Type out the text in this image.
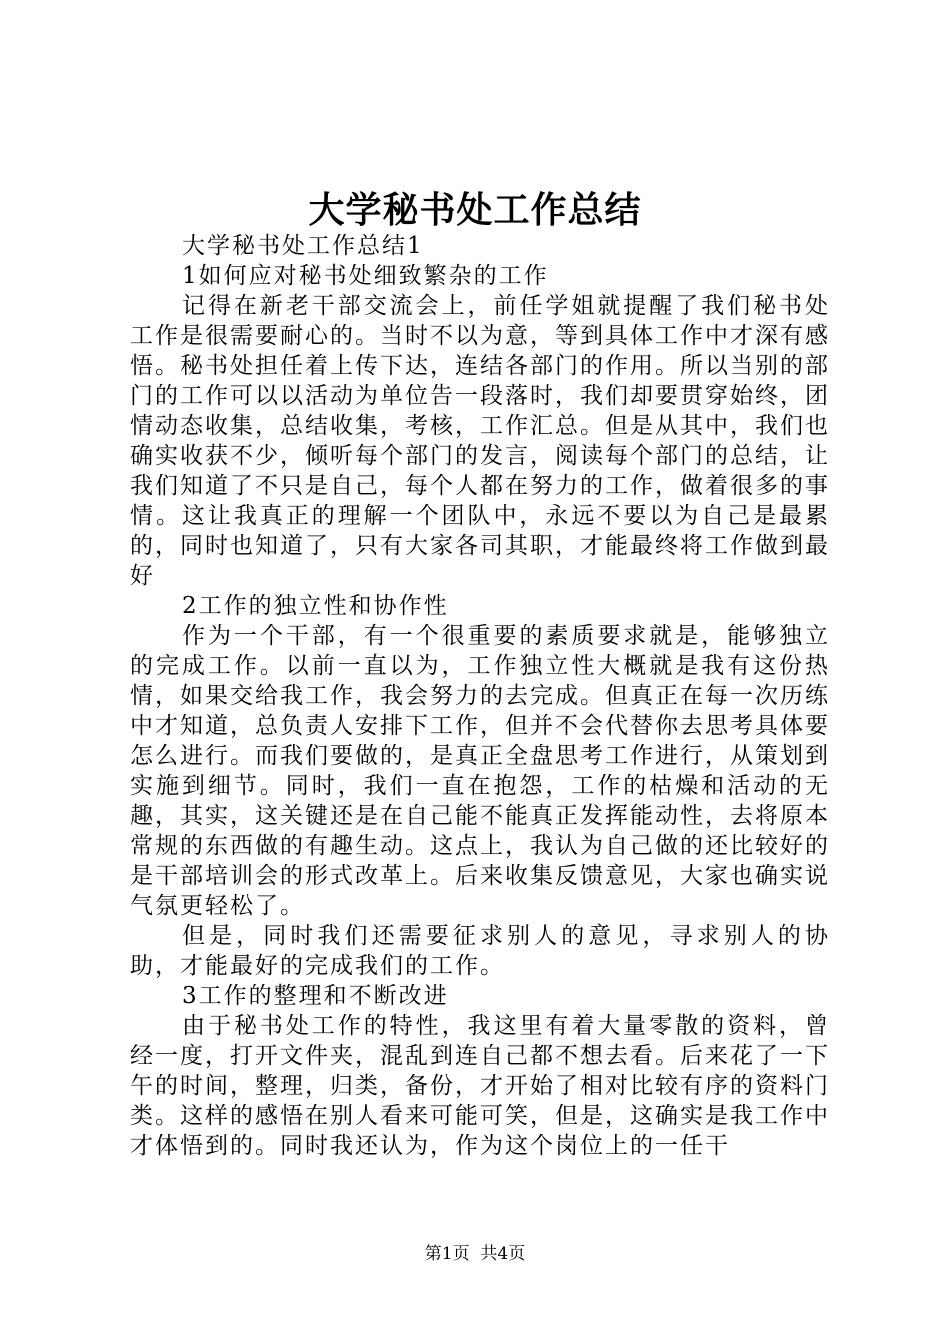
大学秘书处工作总结

大学秘书处工作总结1

1如何应对秘书处细致繁杂的工作

记得在新老干部交流会上，前任学姐就提醒了我们秘书处工作是很需要耐心的。当时不以为意，等到具体工作中才深有感悟。秘书处担任着上传下达，连结各部门的作用。所以当别的部门的工作可以以活动为单位告一段落时，我们却要贯穿始终，团情动态收集，总结收集，考核，工作汇总。但是从其中，我们也确实收获不少，倾听每个部门的发言，阅读每个部门的总结，让我们知道了不只是自己，每个人都在努力的工作，做着很多的事情。这让我真正的理解一个团队中，永远不要以为自己是最累的，同时也知道了，只有大家各司其职，才能最终将工作做到最好

2工作的独立性和协作性

作为一个干部，有一个很重要的素质要求就是，能够独立的完成工作。以前一直以为，工作独立性大概就是我有这份热情，如果交给我工作，我会努力的去完成。但真正在每一次历练中才知道，总负责人安排下工作，但并不会代替你去思考具体要怎么进行。而我们要做的，是真正全盘思考工作进行，从策划到实施到细节。同时，我们一直在抱怨，工作的枯燥和活动的无趣，其实，这关键还是在自己能不能真正发挥能动性，去将原本常规的东西做的有趣生动。这点上，我认为自己做的还比较好的是干部培训会的形式改革上。后来收集反馈意见，大家也确实说气氛更轻松了。

但是，同时我们还需要征求别人的意见，寻求别人的协助，才能最好的完成我们的工作。

3工作的整理和不断改进

由于秘书处工作的特性，我这里有着大量零散的资料，曾经一度，打开文件夹，混乱到连自己都不想去看。后来花了一下午的时间，整理，归类，备份，才开始了相对比较有序的资料门类。这样的感悟在别人看来可能可笑，但是，这确实是我工作中才体悟到的。同时我还认为，作为这个岗位上的一任干

第1页 共4页
